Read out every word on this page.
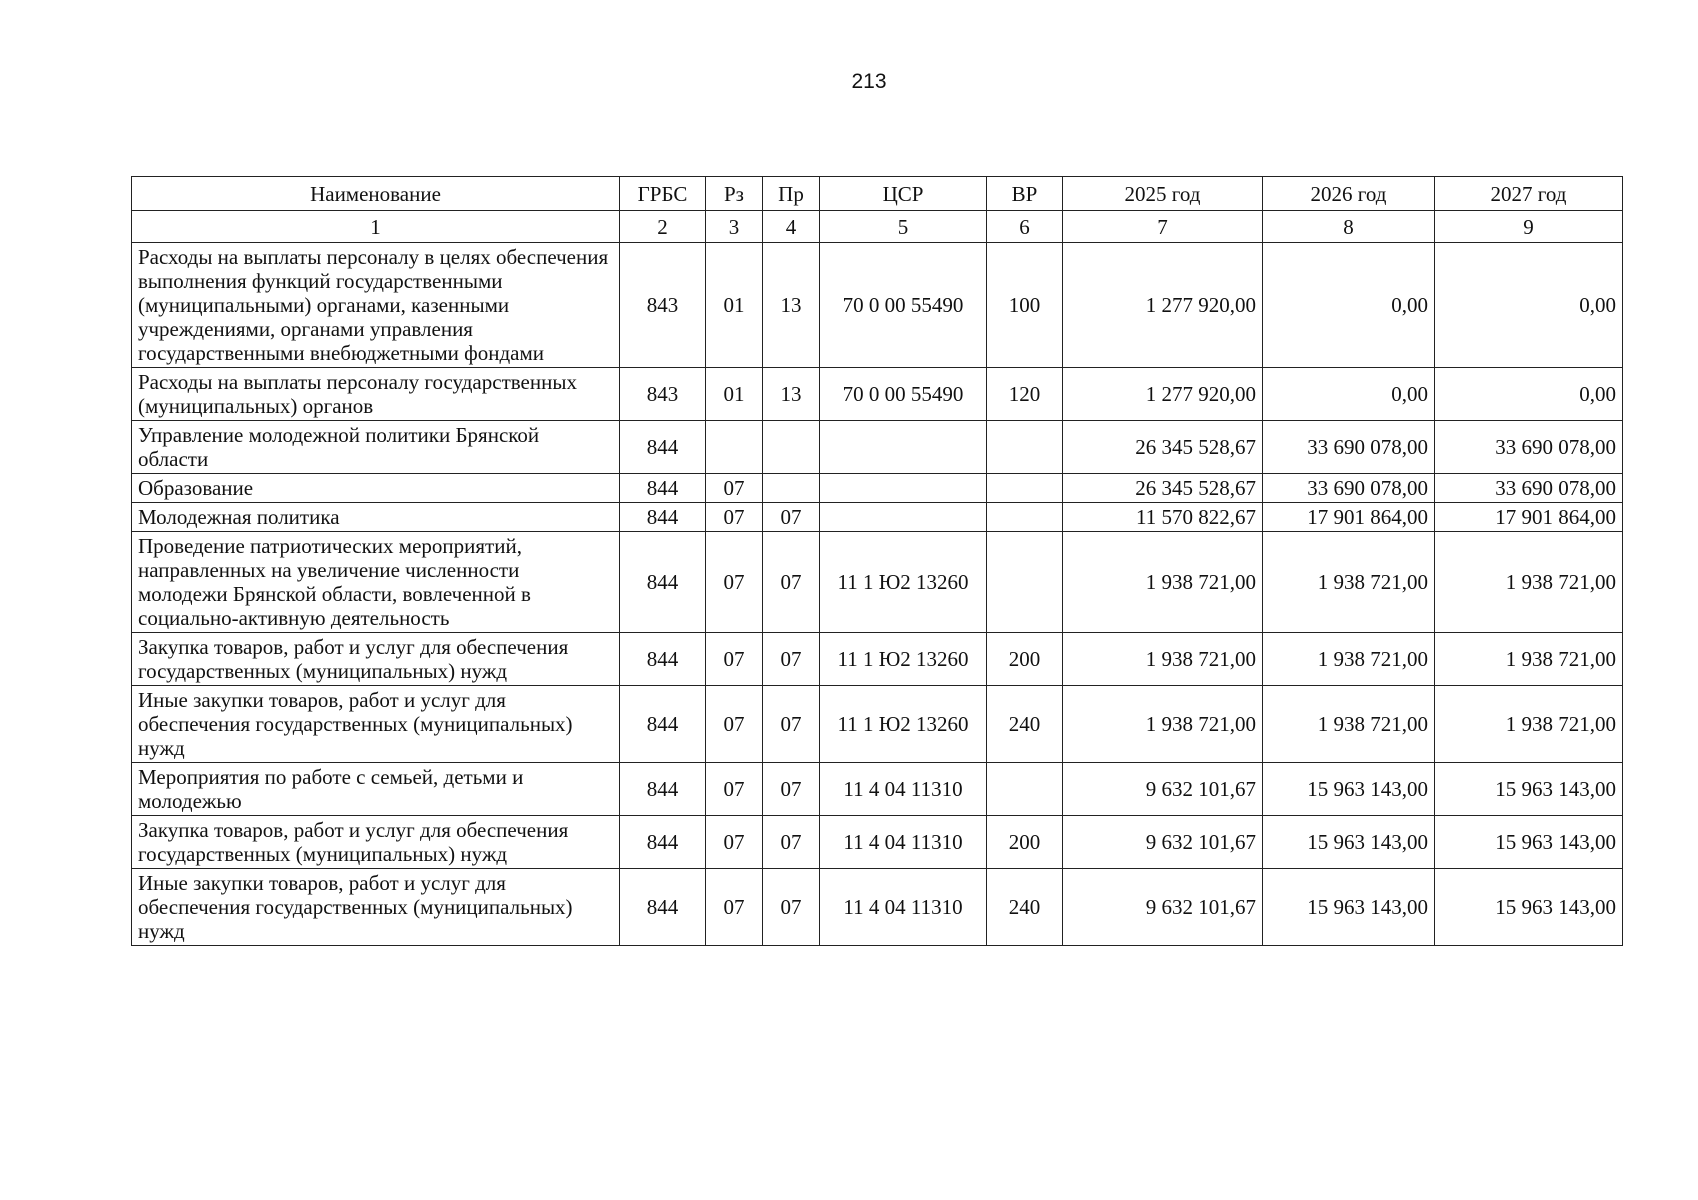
213
Наименование	ГРБС	Рз	Пр	ЦСР	ВР	2025 год	2026 год	2027 год
1	2	3	4	5	6	7	8	9
Расходы на выплаты персоналу в целях обеспечения выполнения функций государственными (муниципальными) органами, казенными учреждениями, органами управления государственными внебюджетными фондами	843	01	13	70 0 00 55490	100	1 277 920,00	0,00	0,00
Расходы на выплаты персоналу государственных (муниципальных) органов	843	01	13	70 0 00 55490	120	1 277 920,00	0,00	0,00
Управление молодежной политики Брянской области	844					26 345 528,67	33 690 078,00	33 690 078,00
Образование	844	07				26 345 528,67	33 690 078,00	33 690 078,00
Молодежная политика	844	07	07			11 570 822,67	17 901 864,00	17 901 864,00
Проведение патриотических мероприятий, направленных на увеличение численности молодежи Брянской области, вовлеченной в социально-активную деятельность	844	07	07	11 1 Ю2 13260		1 938 721,00	1 938 721,00	1 938 721,00
Закупка товаров, работ и услуг для обеспечения государственных (муниципальных) нужд	844	07	07	11 1 Ю2 13260	200	1 938 721,00	1 938 721,00	1 938 721,00
Иные закупки товаров, работ и услуг для обеспечения государственных (муниципальных) нужд	844	07	07	11 1 Ю2 13260	240	1 938 721,00	1 938 721,00	1 938 721,00
Мероприятия по работе с семьей, детьми и молодежью	844	07	07	11 4 04 11310		9 632 101,67	15 963 143,00	15 963 143,00
Закупка товаров, работ и услуг для обеспечения государственных (муниципальных) нужд	844	07	07	11 4 04 11310	200	9 632 101,67	15 963 143,00	15 963 143,00
Иные закупки товаров, работ и услуг для обеспечения государственных (муниципальных) нужд	844	07	07	11 4 04 11310	240	9 632 101,67	15 963 143,00	15 963 143,00
